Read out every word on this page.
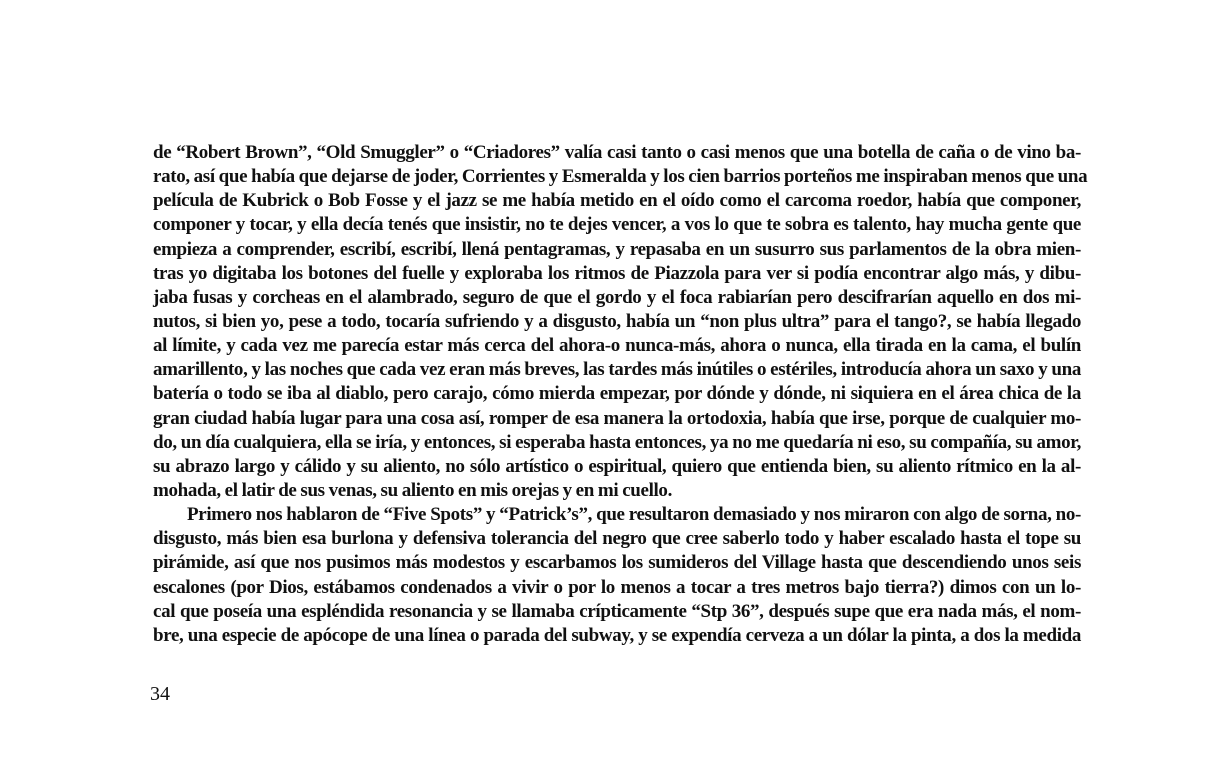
de “Robert Brown”, “Old Smuggler” o “Criadores” valía casi tanto o casi menos que una botella de caña o de vino ba-
rato, así que había que dejarse de joder, Corrientes y Esmeralda y los cien barrios porteños me inspiraban menos que una
película de Kubrick o Bob Fosse y el jazz se me había metido en el oído como el carcoma roedor, había que componer,
componer y tocar, y ella decía tenés que insistir, no te dejes vencer, a vos lo que te sobra es talento, hay mucha gente que
empieza a comprender, escribí, escribí, llená pentagramas, y repasaba en un susurro sus parlamentos de la obra mien-
tras yo digitaba los botones del fuelle y exploraba los ritmos de Piazzola para ver si podía encontrar algo más, y dibu-
jaba fusas y corcheas en el alambrado, seguro de que el gordo y el foca rabiarían pero descifrarían aquello en dos mi-
nutos, si bien yo, pese a todo, tocaría sufriendo y a disgusto, había un “non plus ultra” para el tango?, se había llegado
al límite, y cada vez me parecía estar más cerca del ahora-o nunca-más, ahora o nunca, ella tirada en la cama, el bulín
amarillento, y las noches que cada vez eran más breves, las tardes más inútiles o estériles, introducía ahora un saxo y una
batería o todo se iba al diablo, pero carajo, cómo mierda empezar, por dónde y dónde, ni siquiera en el área chica de la
gran ciudad había lugar para una cosa así, romper de esa manera la ortodoxia, había que irse, porque de cualquier mo-
do, un día cualquiera, ella se iría, y entonces, si esperaba hasta entonces, ya no me quedaría ni eso, su compañía, su amor,
su abrazo largo y cálido y su aliento, no sólo artístico o espiritual, quiero que entienda bien, su aliento rítmico en la al-
mohada, el latir de sus venas, su aliento en mis orejas y en mi cuello.
Primero nos hablaron de “Five Spots” y “Patrick’s”, que resultaron demasiado y nos miraron con algo de sorna, no-
disgusto, más bien esa burlona y defensiva tolerancia del negro que cree saberlo todo y haber escalado hasta el tope su
pirámide, así que nos pusimos más modestos y escarbamos los sumideros del Village hasta que descendiendo unos seis
escalones (por Dios, estábamos condenados a vivir o por lo menos a tocar a tres metros bajo tierra?) dimos con un lo-
cal que poseía una espléndida resonancia y se llamaba crípticamente “Stp 36”, después supe que era nada más, el nom-
bre, una especie de apócope de una línea o parada del subway, y se expendía cerveza a un dólar la pinta, a dos la medida
34
